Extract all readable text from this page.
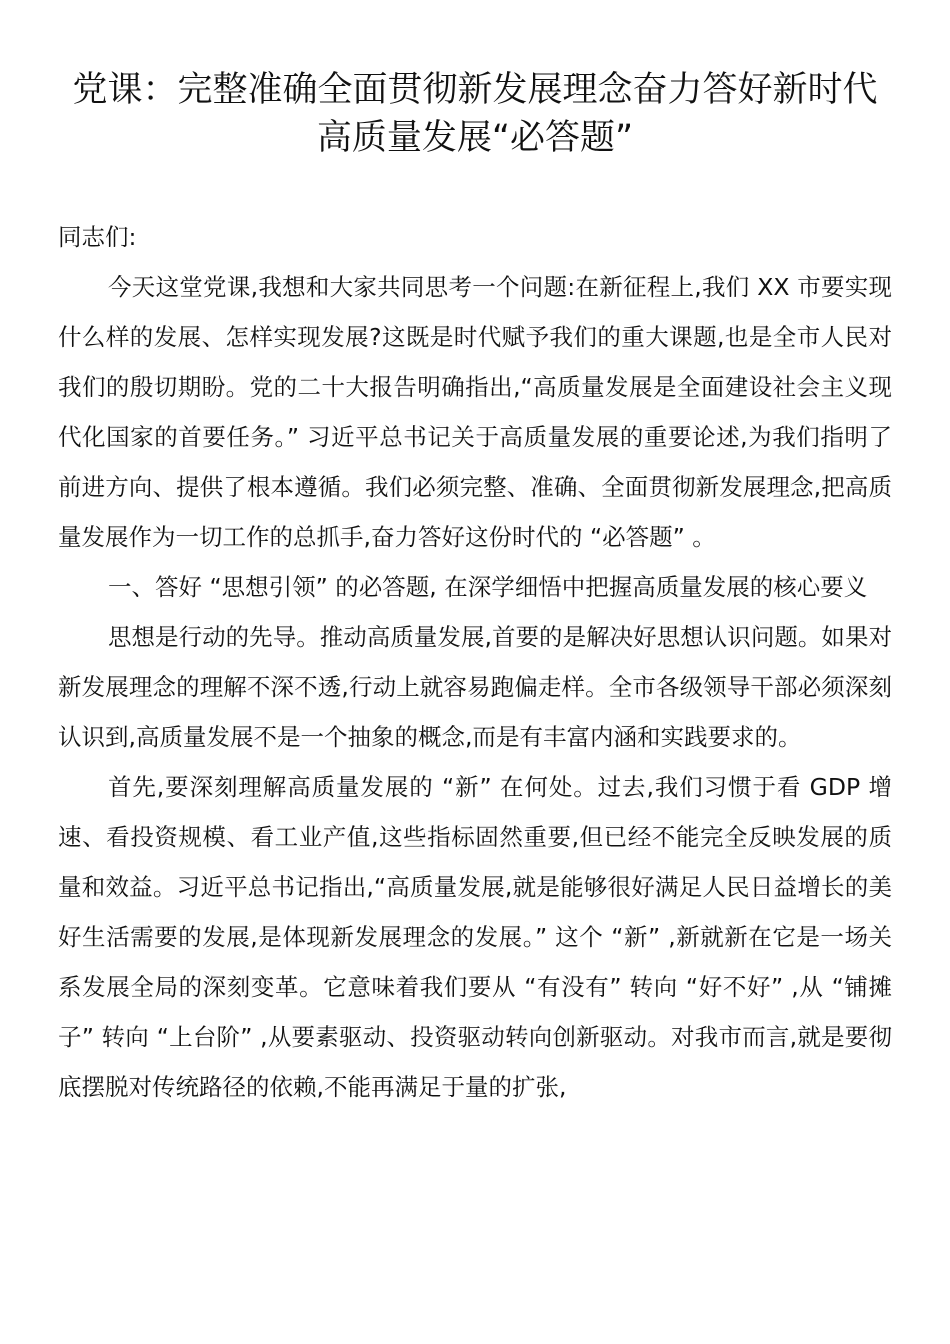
党课：完整准确全面贯彻新发展理念奋力答好新时代
高质量发展“必答题”

同志们:

今天这堂党课,我想和大家共同思考一个问题:在新征程上,我们 XX 市要实现什么样的发展、怎样实现发展?这既是时代赋予我们的重大课题,也是全市人民对我们的殷切期盼。党的二十大报告明确指出,“高质量发展是全面建设社会主义现代化国家的首要任务。” 习近平总书记关于高质量发展的重要论述,为我们指明了前进方向、提供了根本遵循。我们必须完整、准确、全面贯彻新发展理念,把高质量发展作为一切工作的总抓手,奋力答好这份时代的 “必答题” 。

一、答好 “思想引领” 的必答题, 在深学细悟中把握高质量发展的核心要义

思想是行动的先导。推动高质量发展,首要的是解决好思想认识问题。如果对新发展理念的理解不深不透,行动上就容易跑偏走样。全市各级领导干部必须深刻认识到,高质量发展不是一个抽象的概念,而是有丰富内涵和实践要求的。

首先,要深刻理解高质量发展的 “新” 在何处。过去,我们习惯于看 GDP 增速、看投资规模、看工业产值,这些指标固然重要,但已经不能完全反映发展的质量和效益。习近平总书记指出,“高质量发展,就是能够很好满足人民日益增长的美好生活需要的发展,是体现新发展理念的发展。” 这个 “新” ,新就新在它是一场关系发展全局的深刻变革。它意味着我们要从 “有没有” 转向 “好不好” ,从 “铺摊子” 转向 “上台阶” ,从要素驱动、投资驱动转向创新驱动。对我市而言,就是要彻底摆脱对传统路径的依赖,不能再满足于量的扩张,
